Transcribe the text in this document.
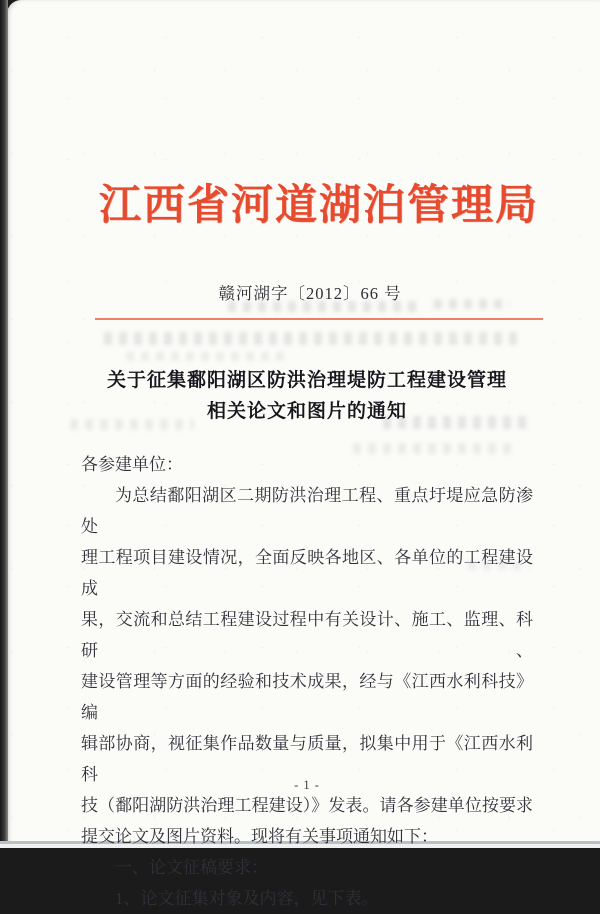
江西省河道湖泊管理局
赣河湖字〔2012〕66 号
关于征集鄱阳湖区防洪治理堤防工程建设管理
相关论文和图片的通知
各参建单位：
为总结鄱阳湖区二期防洪治理工程、重点圩堤应急防渗处
理工程项目建设情况，全面反映各地区、各单位的工程建设成
果，交流和总结工程建设过程中有关设计、施工、监理、科研、
建设管理等方面的经验和技术成果，经与《江西水利科技》编
辑部协商，视征集作品数量与质量，拟集中用于《江西水利科
技（鄱阳湖防洪治理工程建设）》发表。请各参建单位按要求
提交论文及图片资料。现将有关事项通知如下：
一、论文征稿要求：
1、论文征集对象及内容，见下表。
- 1 -
